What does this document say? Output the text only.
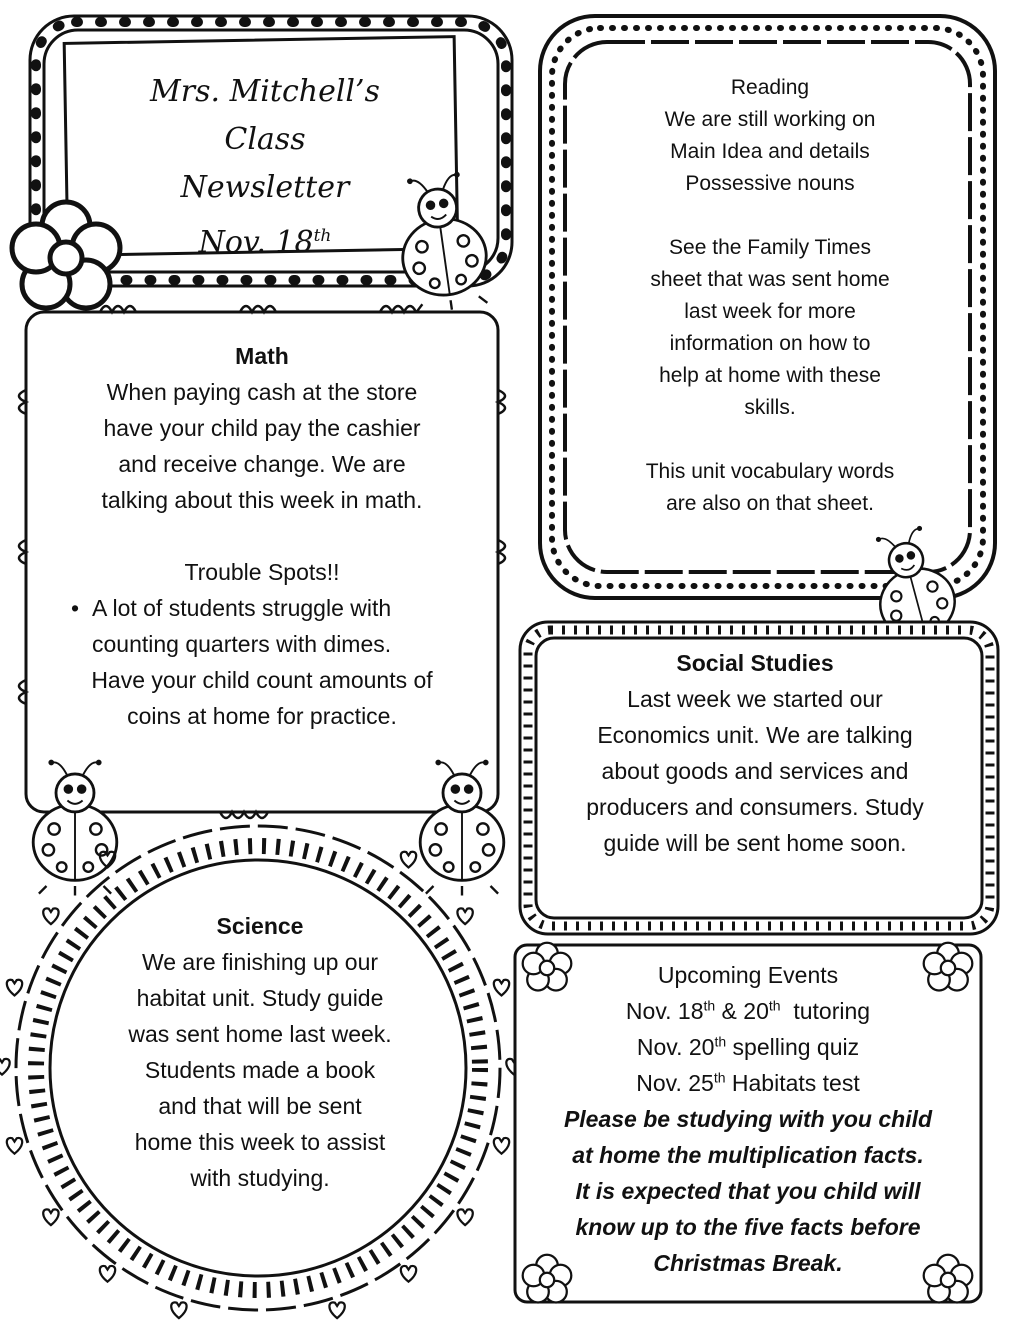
Mrs. Mitchell’s
Class
Newsletter
Nov. 18th
Reading
We are still working on
Main Idea and details
Possessive nouns
See the Family Times
sheet that was sent home
last week for more
information on how to
help at home with these
skills.
This unit vocabulary words
are also on that sheet.
Math
When paying cash at the store
have your child pay the cashier
and receive change. We are
talking about this week in math.
Trouble Spots!!
• A lot of students struggle with counting quarters with dimes.
Have your child count amounts of
coins at home for practice.
Social Studies
Last week we started our
Economics unit. We are talking
about goods and services and
producers and consumers. Study
guide will be sent home soon.
Science
We are finishing up our
habitat unit. Study guide
was sent home last week.
Students made a book
and that will be sent
home this week to assist
with studying.
Upcoming Events
Nov. 18th & 20th  tutoring
Nov. 20th spelling quiz
Nov. 25th Habitats test
Please be studying with you child
at home the multiplication facts.
It is expected that you child will
know up to the five facts before
Christmas Break.
